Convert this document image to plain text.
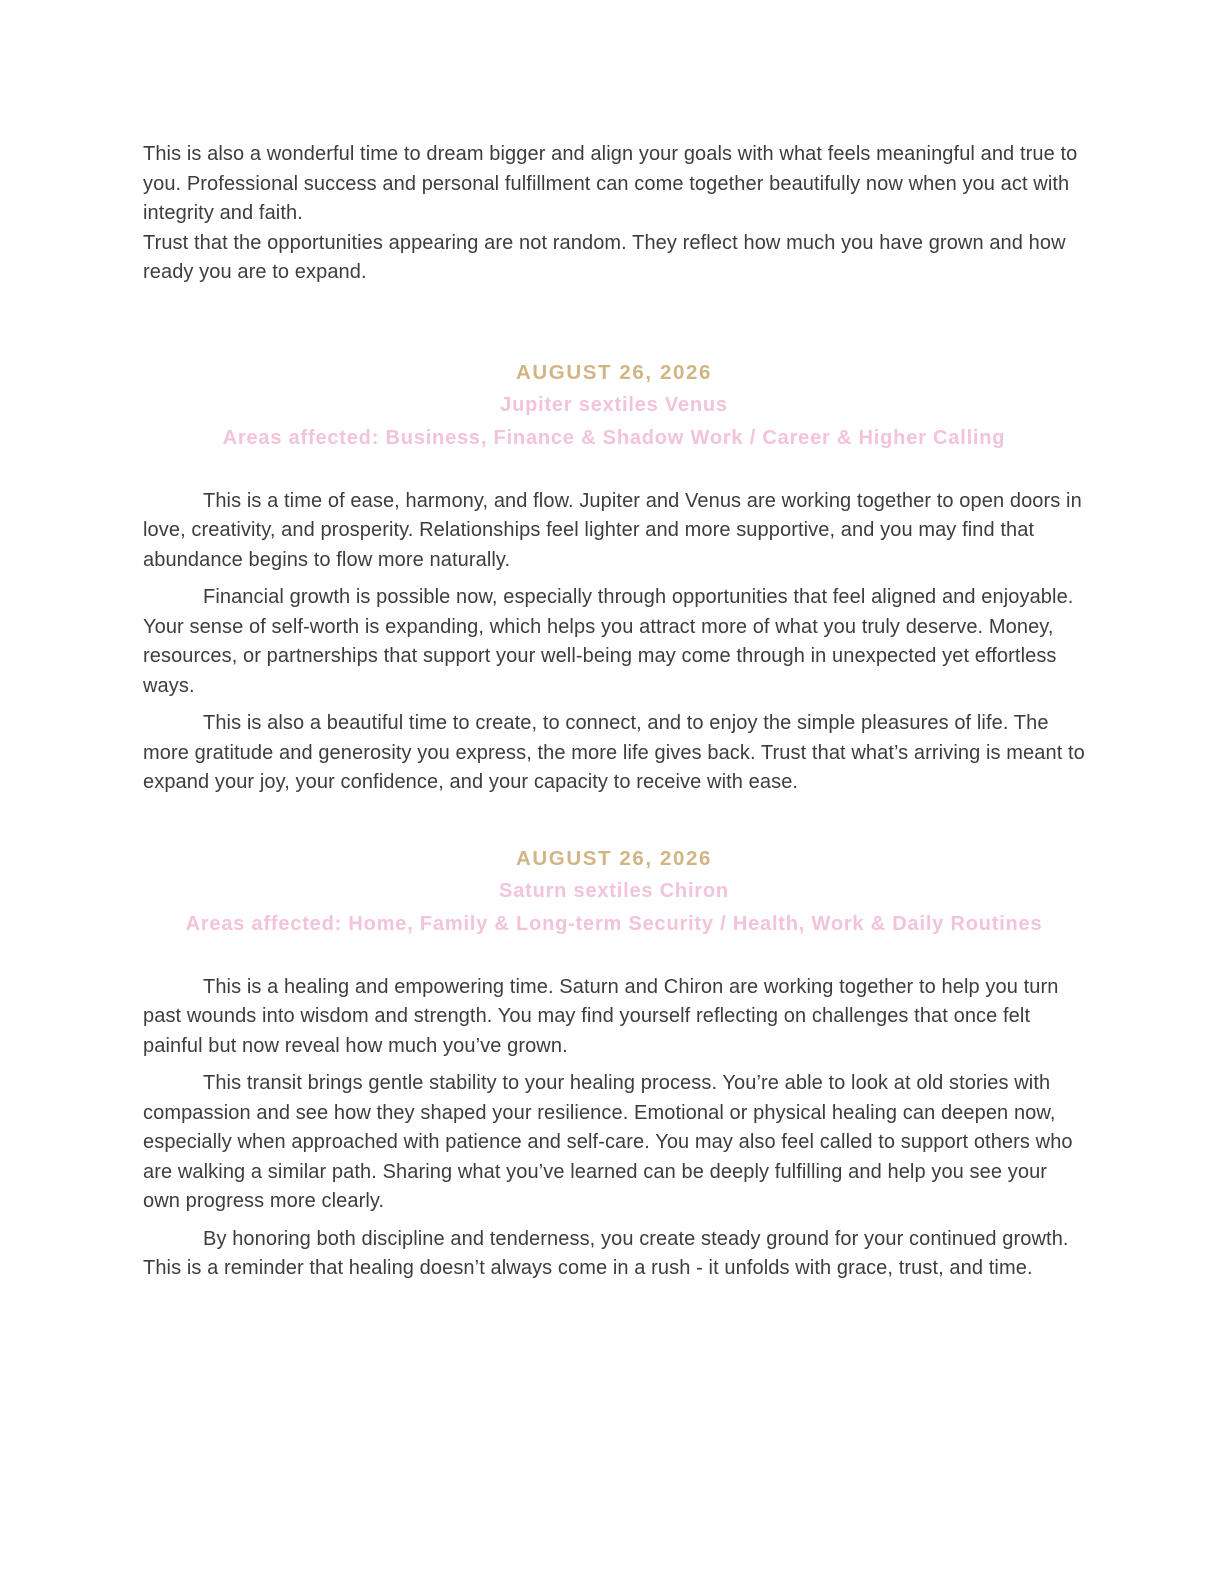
This is also a wonderful time to dream bigger and align your goals with what feels meaningful and true to you. Professional success and personal fulfillment can come together beautifully now when you act with integrity and faith.

Trust that the opportunities appearing are not random. They reflect how much you have grown and how ready you are to expand.

AUGUST 26, 2026
Jupiter sextiles Venus
Areas affected: Business, Finance & Shadow Work / Career & Higher Calling

This is a time of ease, harmony, and flow. Jupiter and Venus are working together to open doors in love, creativity, and prosperity. Relationships feel lighter and more supportive, and you may find that abundance begins to flow more naturally.

Financial growth is possible now, especially through opportunities that feel aligned and enjoyable. Your sense of self-worth is expanding, which helps you attract more of what you truly deserve. Money, resources, or partnerships that support your well-being may come through in unexpected yet effortless ways.

This is also a beautiful time to create, to connect, and to enjoy the simple pleasures of life. The more gratitude and generosity you express, the more life gives back. Trust that what’s arriving is meant to expand your joy, your confidence, and your capacity to receive with ease.

AUGUST 26, 2026
Saturn sextiles Chiron
Areas affected: Home, Family & Long-term Security / Health, Work & Daily Routines

This is a healing and empowering time. Saturn and Chiron are working together to help you turn past wounds into wisdom and strength. You may find yourself reflecting on challenges that once felt painful but now reveal how much you’ve grown.

This transit brings gentle stability to your healing process. You’re able to look at old stories with compassion and see how they shaped your resilience. Emotional or physical healing can deepen now, especially when approached with patience and self-care. You may also feel called to support others who are walking a similar path. Sharing what you’ve learned can be deeply fulfilling and help you see your own progress more clearly.

By honoring both discipline and tenderness, you create steady ground for your continued growth. This is a reminder that healing doesn’t always come in a rush - it unfolds with grace, trust, and time.
